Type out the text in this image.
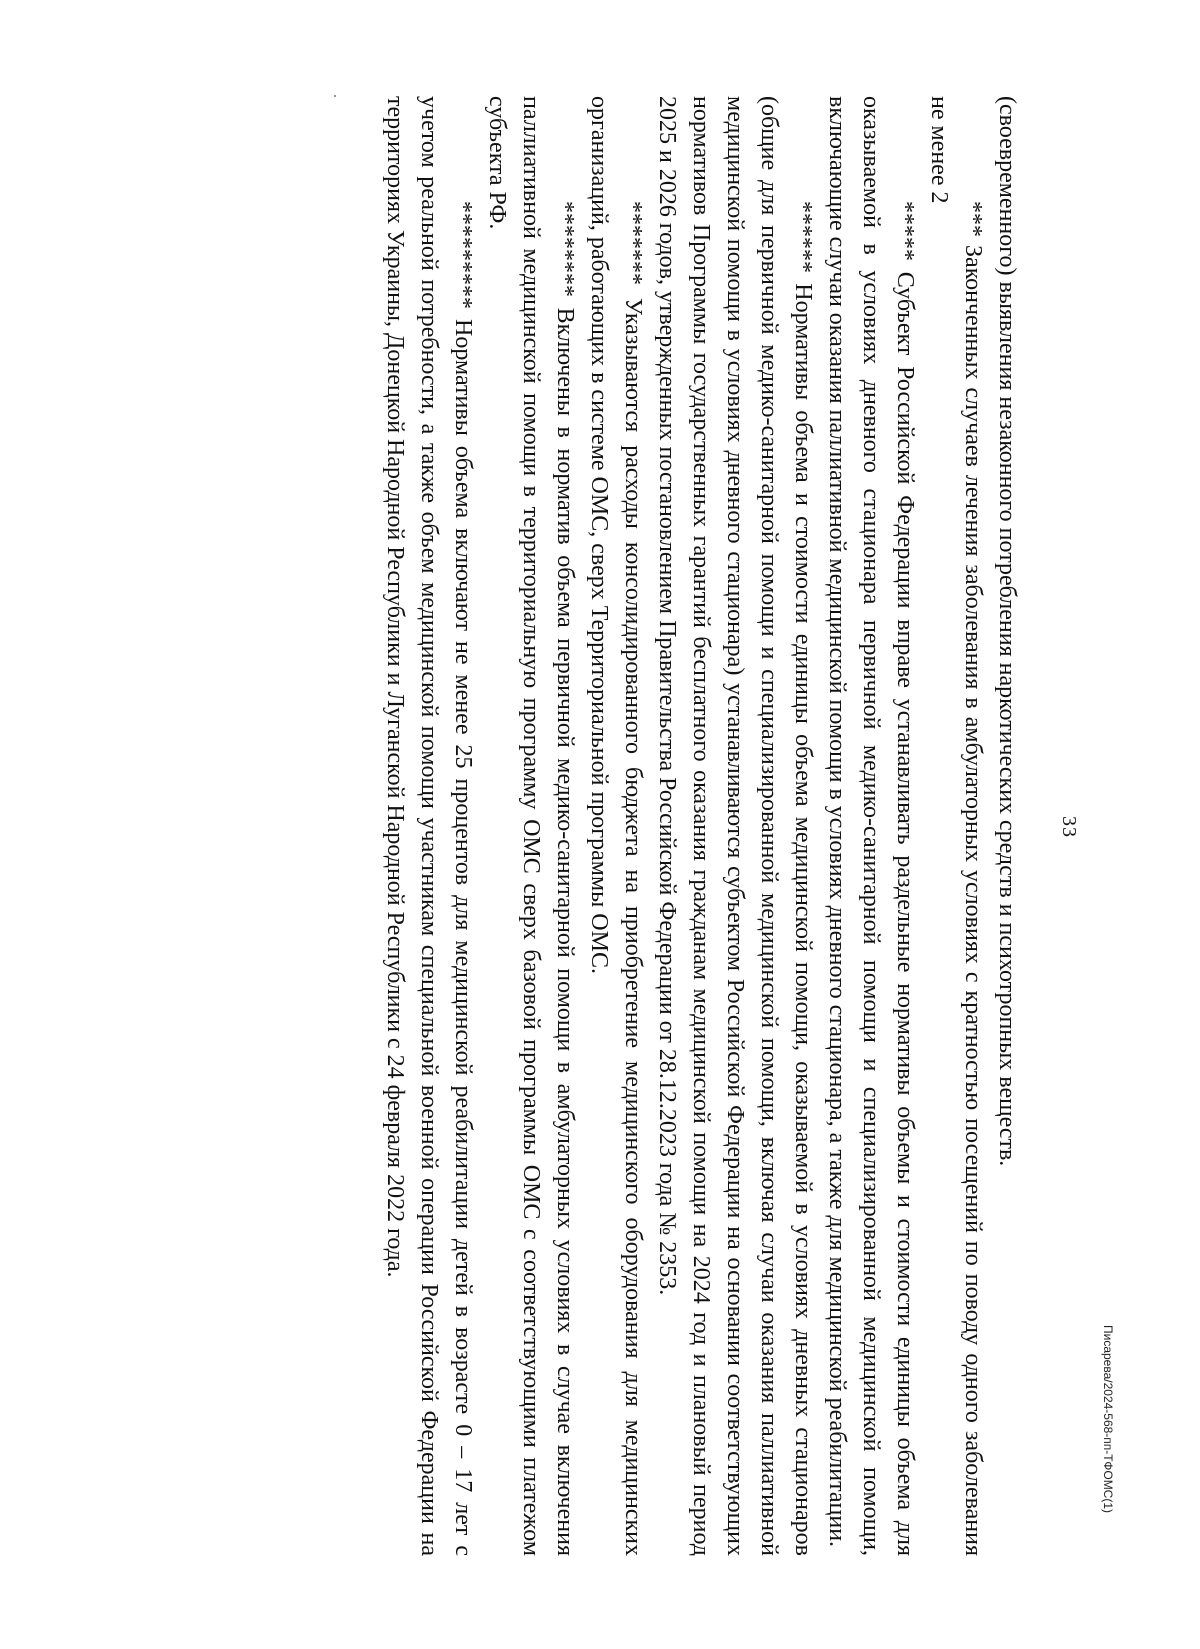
33

(своевременного) выявления незаконного потребления наркотических средств и психотропных веществ.

*** Законченных случаев лечения заболевания в амбулаторных условиях с кратностью посещений по поводу одного заболевания не менее 2

***** Субъект Российской Федерации вправе устанавливать раздельные нормативы объемы и стоимости единицы объема для оказываемой в условиях дневного стационара первичной медико-санитарной помощи и специализированной медицинской помощи, включающие случаи оказания паллиативной медицинской помощи в условиях дневного стационара, а также для медицинской реабилитации.

****** Нормативы объема и стоимости единицы объема медицинской помощи, оказываемой в условиях дневных стационаров (общие для первичной медико-санитарной помощи и специализированной медицинской помощи, включая случаи оказания паллиативной медицинской помощи в условиях дневного стационара) устанавливаются субъектом Российской Федерации на основании соответствующих нормативов Программы государственных гарантий бесплатного оказания гражданам медицинской помощи на 2024 год и плановый период 2025 и 2026 годов, утвержденных постановлением Правительства Российской Федерации от 28.12.2023 года № 2353.

******* Указываются расходы консолидированного бюджета на приобретение медицинского оборудования для медицинских организаций, работающих в системе ОМС, сверх Территориальной программы ОМС.

******** Включены в норматив объема первичной медико-санитарной помощи в амбулаторных условиях в случае включения паллиативной медицинской помощи в территориальную программу ОМС сверх базовой программы ОМС с соответствующими платежом субъекта РФ.

********* Нормативы объема включают не менее 25 процентов для медицинской реабилитации детей в возрасте 0 – 17 лет с учетом реальной потребности, а также объем медицинской помощи участникам специальной военной операции Российской Федерации на территориях Украины, Донецкой Народной Республики и Луганской Народной Республики с 24 февраля 2022 года.

Писарева/2024-568-пп-ТФОМС(1)
